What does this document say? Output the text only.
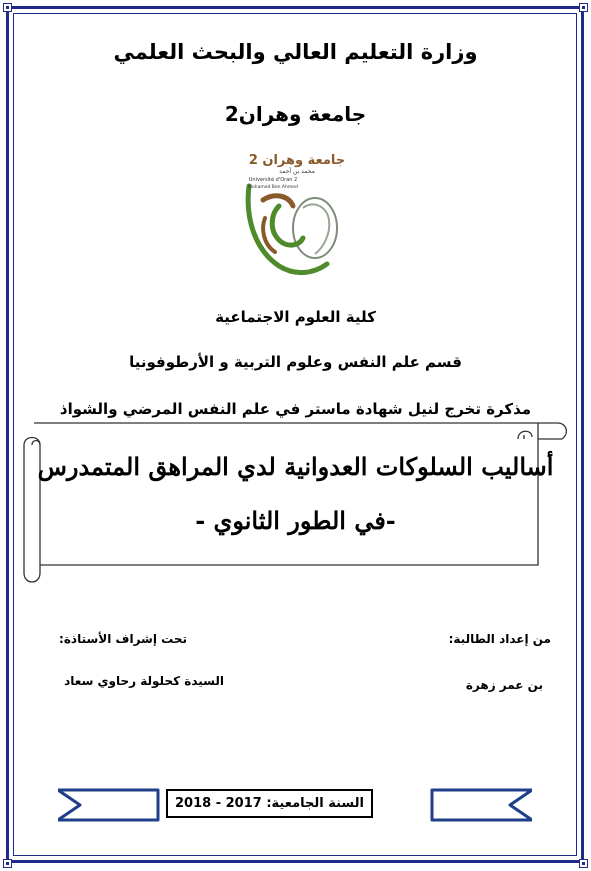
وزارة التعليم العالي والبحث العلمي
جامعة وهران2
جامعة وهران 2
محمد بن أحمد
Université d'Oran 2
Mohamed Ben Ahmed
كلية العلوم الاجتماعية
قسم علم النفس وعلوم التربية و الأرطوفونيا
مذكرة تخرج لنيل شهادة ماستر في علم النفس المرضي والشواذ
أساليب السلوكات العدوانية لدي المراهق المتمدرس
-في الطور الثانوي -
من إعداد الطالبة:
بن عمر زهرة
تحت إشراف الأستاذة:
السيدة كحلولة رحاوي سعاد
السنة الجامعية: 2017 - 2018
